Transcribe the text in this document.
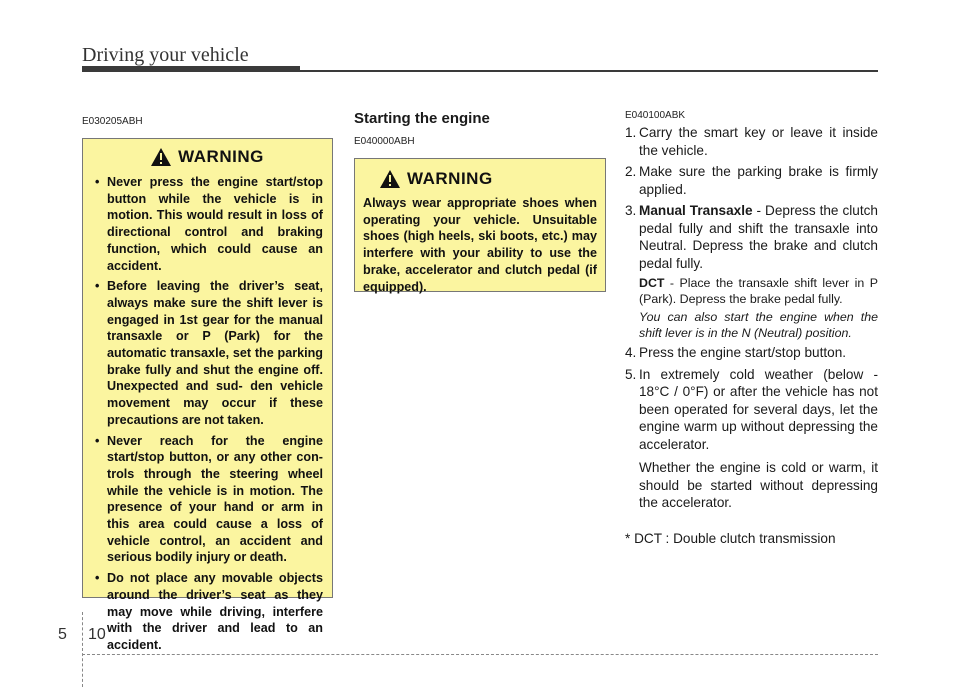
Driving your vehicle
E030205ABH
WARNING
• Never press the engine start/stop button while the vehicle is in motion. This would result in loss of directional control and braking function, which could cause an accident.
• Before leaving the driver’s seat, always make sure the shift lever is engaged in 1st gear for the manual transaxle or P (Park) for the automatic transaxle, set the parking brake fully and shut the engine off. Unexpected and sud- den vehicle movement may occur if these precautions are not taken.
• Never reach for the engine start/stop button, or any other con- trols through the steering wheel while the vehicle is in motion. The presence of your hand or arm in this area could cause a loss of vehicle control, an accident and serious bodily injury or death.
• Do not place any movable objects around the driver’s seat as they may move while driving, interfere with the driver and lead to an accident.
Starting the engine
E040000ABH
WARNING

Always wear appropriate shoes when operating your vehicle. Unsuitable shoes (high heels, ski boots, etc.) may interfere with your ability to use the brake, accelerator and clutch pedal (if equipped).

E040100ABK
1. Carry the smart key or leave it inside the vehicle.
2. Make sure the parking brake is firmly applied.
3. Manual Transaxle - Depress the clutch pedal fully and shift the transaxle into Neutral. Depress the brake and clutch pedal fully.
DCT - Place the transaxle shift lever in P (Park). Depress the brake pedal fully.
You can also start the engine when the shift lever is in the N (Neutral) position.
4. Press the engine start/stop button.
5. In extremely cold weather (below - 18°C / 0°F) or after the vehicle has not been operated for several days, let the engine warm up without depressing the accelerator.
Whether the engine is cold or warm, it should be started without depressing the accelerator.
* DCT : Double clutch transmission
5 10
